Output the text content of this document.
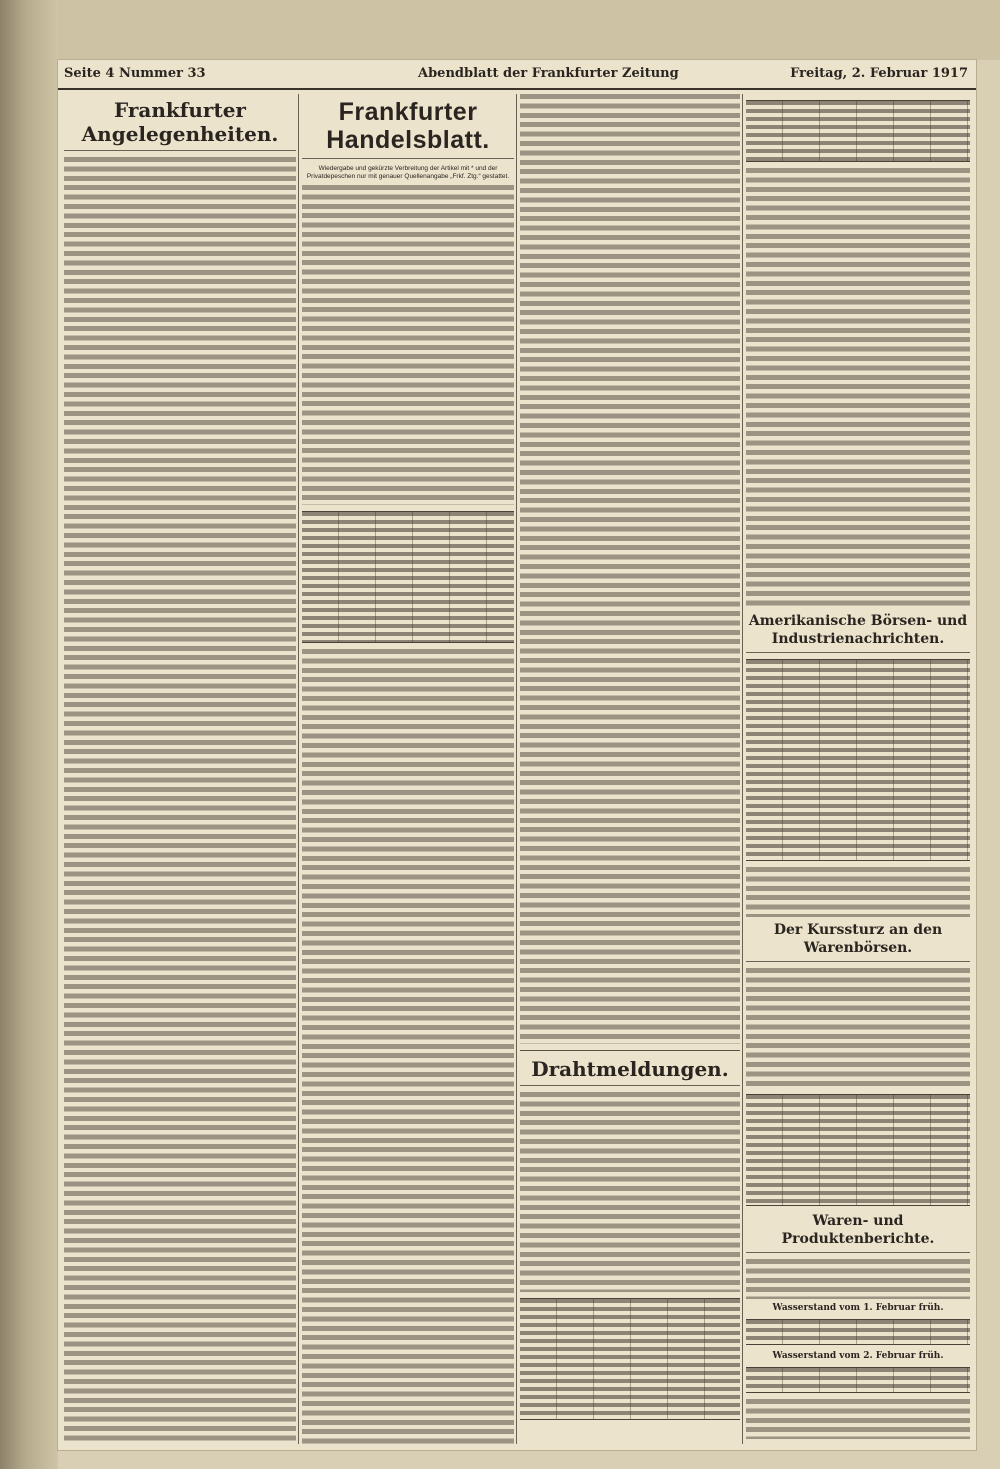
Seite 4 Nummer 33	Abendblatt der Frankfurter Zeitung	Freitag, 2. Februar 1917
Frankfurter Angelegenheiten.
Frankfurter Handelsblatt.
Wiedergabe und gekürzte Verbreitung der Artikel mit * und der Privatdepeschen nur mit genauer Quellenangabe „Frkf. Ztg.“ gestattet.
Drahtmeldungen.
Amerikanische Börsen- und Industrienachrichten.
Der Kurssturz an den Warenbörsen.
Waren- und Produktenberichte.
Wasserstand vom 1. Februar früh.
Wasserstand vom 2. Februar früh.
